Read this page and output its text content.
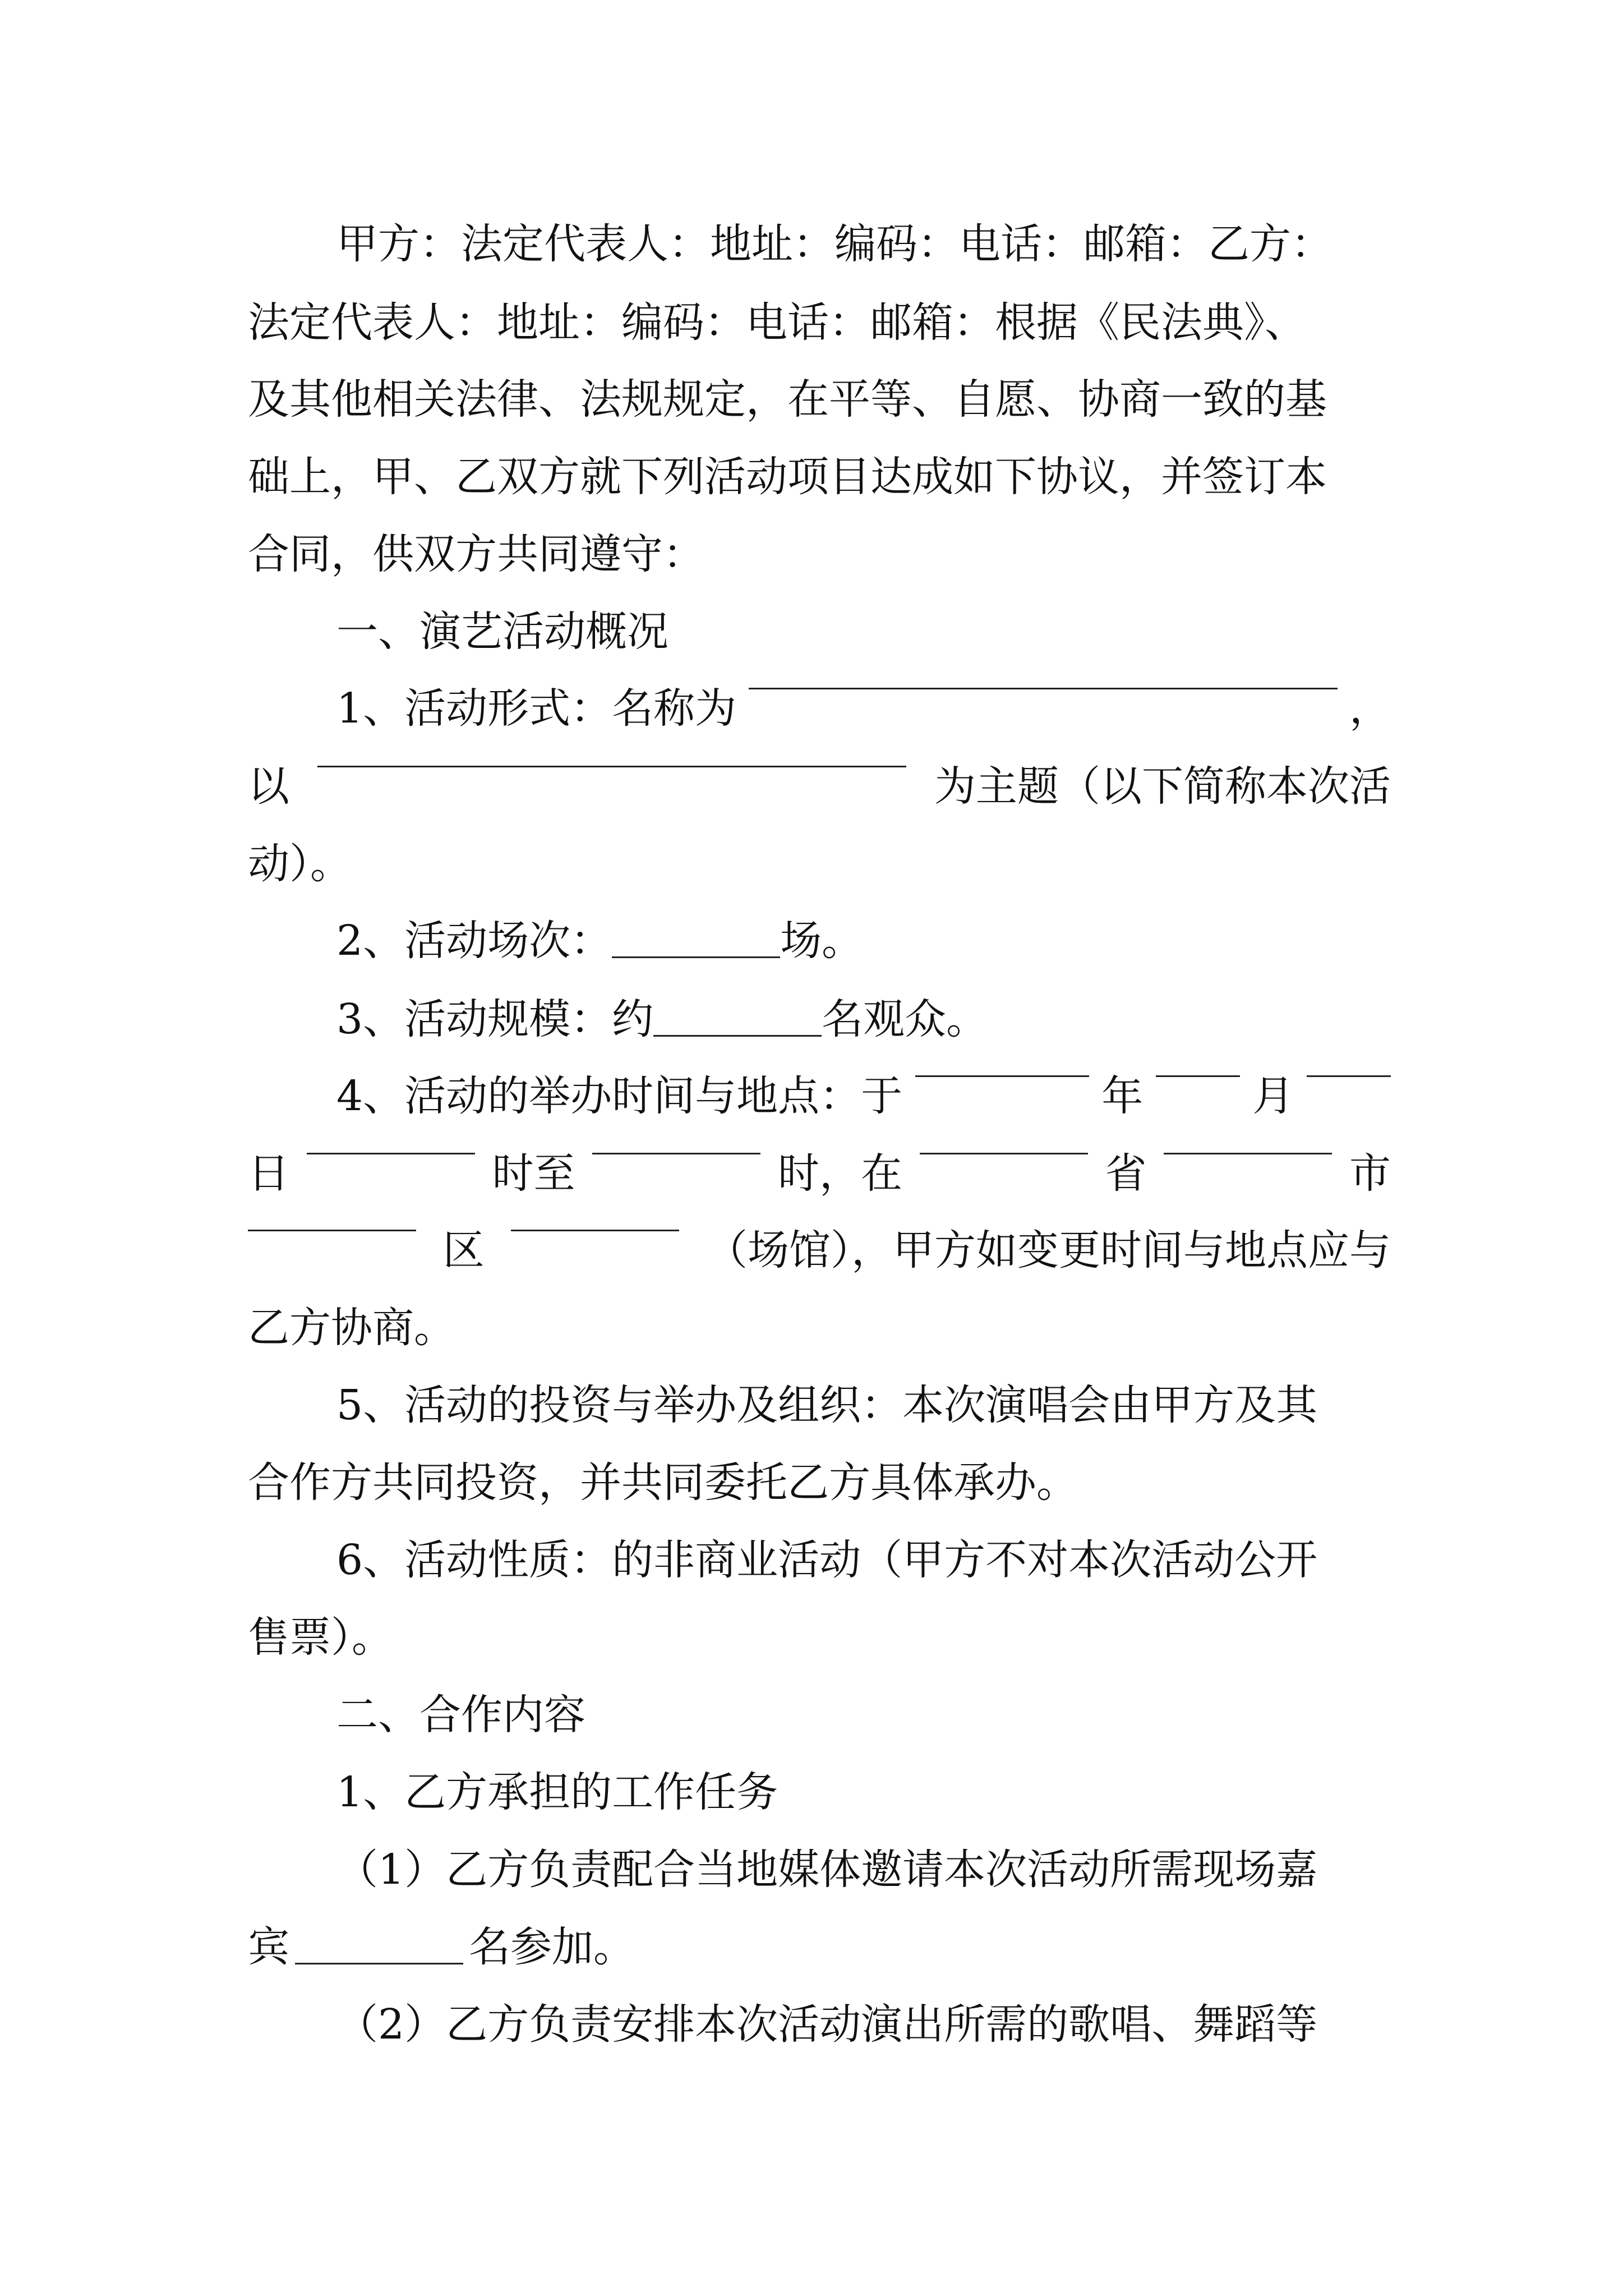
甲方：法定代表人：地址：编码：电话：邮箱：乙方：
法定代表人：地址：编码：电话：邮箱：根据《民法典》、
及其他相关法律、法规规定，在平等、自愿、协商一致的基
础上，甲、乙双方就下列活动项目达成如下协议，并签订本
合同，供双方共同遵守：
一、演艺活动概况
1、活动形式：名称为	，
以	为主题（以下简称本次活
动）。
2、活动场次：	场。
3、活动规模：约	名观众。
4、活动的举办时间与地点：于	年	月
日	时至	时，在	省	市
区	（场馆），甲方如变更时间与地点应与
乙方协商。
5、活动的投资与举办及组织：本次演唱会由甲方及其
合作方共同投资，并共同委托乙方具体承办。
6、活动性质：的非商业活动（甲方不对本次活动公开
售票）。
二、合作内容
1、乙方承担的工作任务
（1）乙方负责配合当地媒体邀请本次活动所需现场嘉
宾	名参加。
（2）乙方负责安排本次活动演出所需的歌唱、舞蹈等
